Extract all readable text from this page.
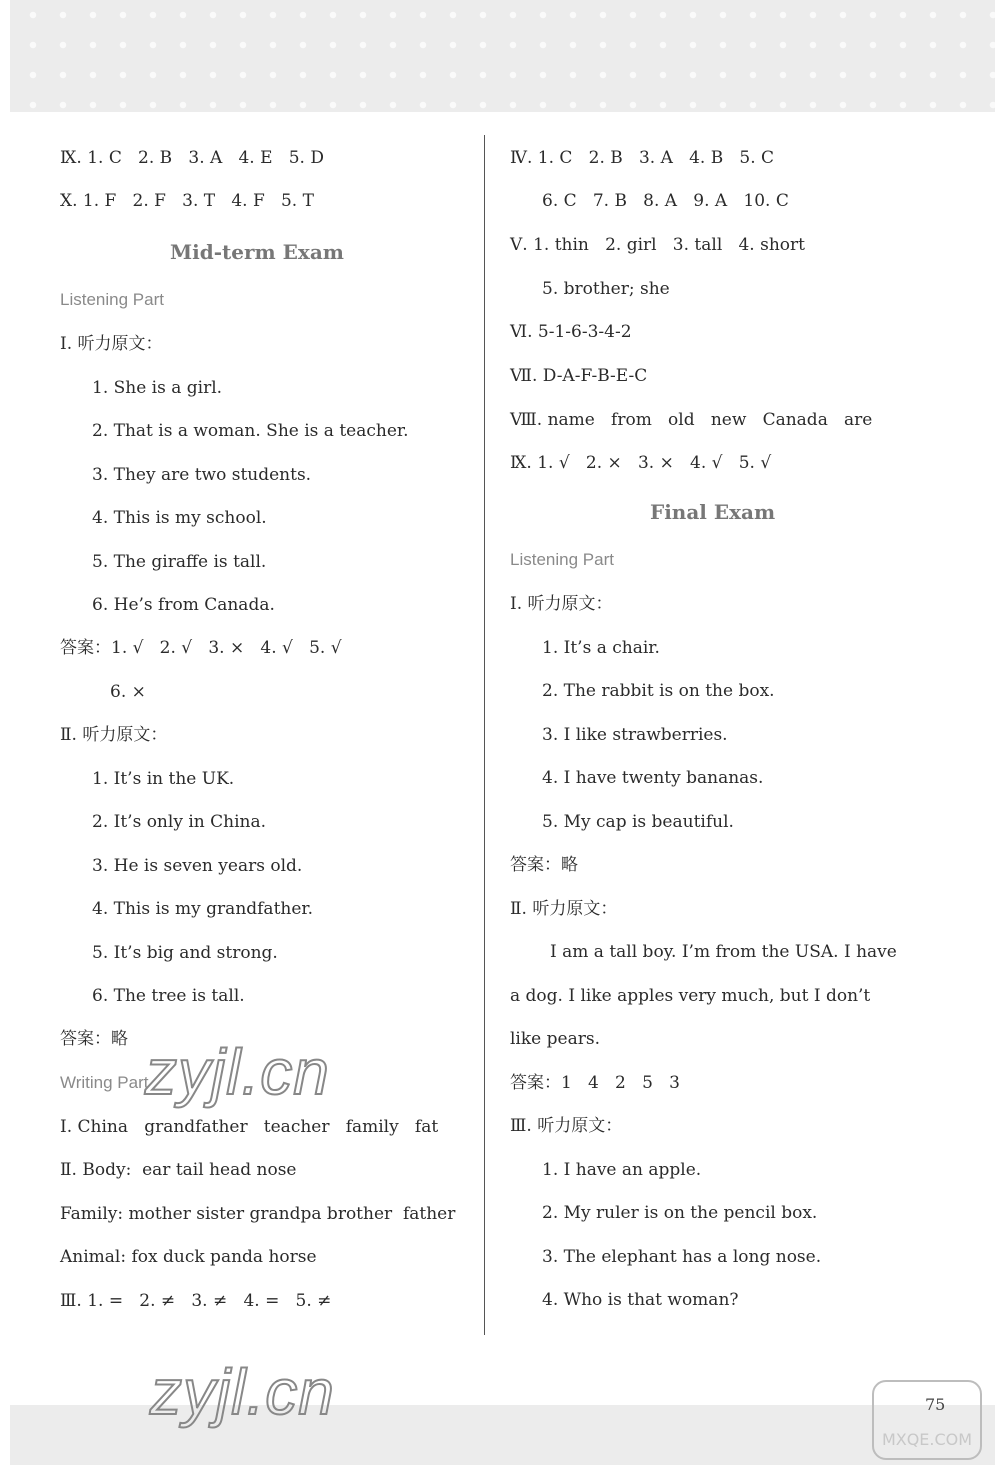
Ⅸ. 1. C   2. B   3. A   4. E   5. D
Ⅹ. 1. F   2. F   3. T   4. F   5. T
Mid-term Exam
Listening Part
Ⅰ. 听力原文：
1. She is a girl.
2. That is a woman. She is a teacher.
3. They are two students.
4. This is my school.
5. The giraffe is tall.
6. He’s from Canada.
答案：1. √   2. √   3. ×   4. √   5. √
6. ×
Ⅱ. 听力原文：
1. It’s in the UK.
2. It’s only in China.
3. He is seven years old.
4. This is my grandfather.
5. It’s big and strong.
6. The tree is tall.
答案：略
Writing Part
Ⅰ. China   grandfather   teacher   family   fat
Ⅱ. Body:  ear tail head nose
Family: mother sister grandpa brother  father
Animal: fox duck panda horse
Ⅲ. 1. =   2. ≠   3. ≠   4. =   5. ≠
Ⅳ. 1. C   2. B   3. A   4. B   5. C
6. C   7. B   8. A   9. A   10. C
Ⅴ. 1. thin   2. girl   3. tall   4. short
5. brother; she
Ⅵ. 5-1-6-3-4-2
Ⅶ. D-A-F-B-E-C
Ⅷ. name   from   old   new   Canada   are
Ⅸ. 1. √   2. ×   3. ×   4. √   5. √
Final Exam
Listening Part
Ⅰ. 听力原文：
1. It’s a chair.
2. The rabbit is on the box.
3. I like strawberries.
4. I have twenty bananas.
5. My cap is beautiful.
答案：略
Ⅱ. 听力原文：
I am a tall boy. I’m from the USA. I have
a dog. I like apples very much, but I don’t
like pears.
答案：1   4   2   5   3
Ⅲ. 听力原文：
1. I have an apple.
2. My ruler is on the pencil box.
3. The elephant has a long nose.
4. Who is that woman?
zyjl.cn
zyjl.cn
MXQE.COM
75
